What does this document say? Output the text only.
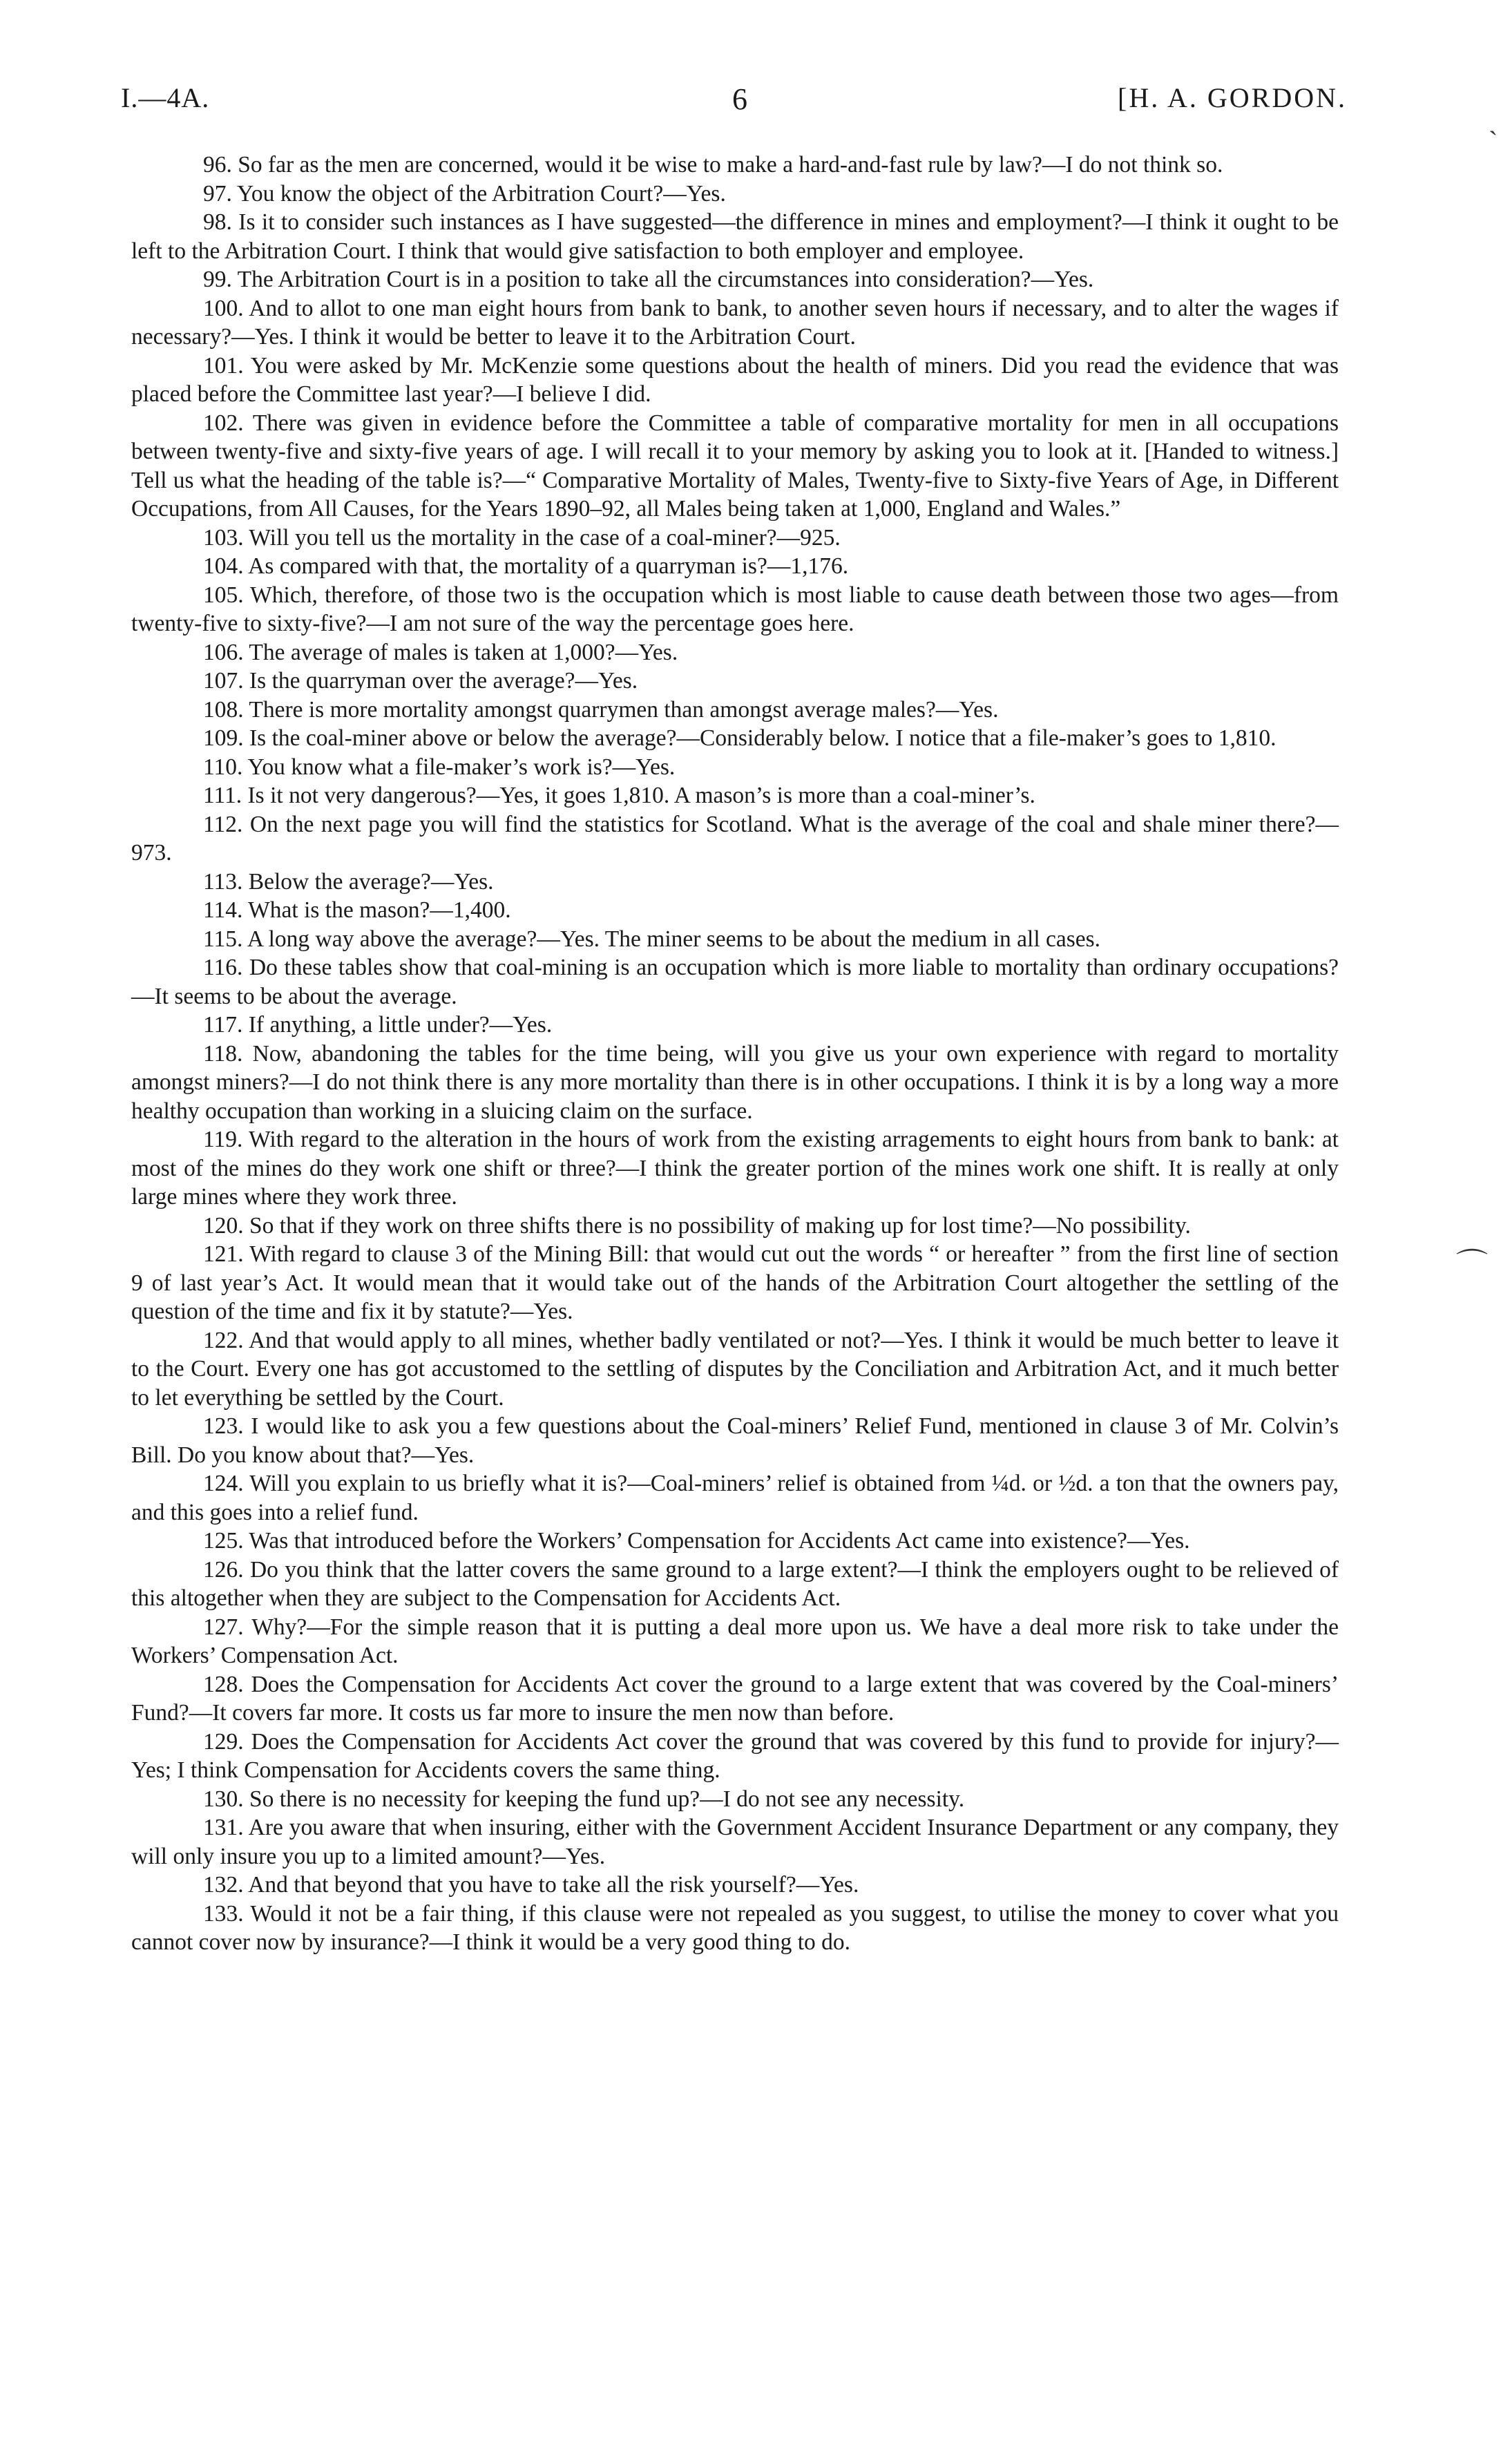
I.—4A.	6	[H. A. GORDON.
ˎ
⌒

96. So far as the men are concerned, would it be wise to make a hard-and-fast rule by law?—I do not think so.

97. You know the object of the Arbitration Court?—Yes.

98. Is it to consider such instances as I have suggested—the difference in mines and employment?—I think it ought to be left to the Arbitration Court. I think that would give satisfaction to both employer and employee.

99. The Arbitration Court is in a position to take all the circumstances into consideration?—Yes.

100. And to allot to one man eight hours from bank to bank, to another seven hours if necessary, and to alter the wages if necessary?—Yes. I think it would be better to leave it to the Arbitration Court.

101. You were asked by Mr. McKenzie some questions about the health of miners. Did you read the evidence that was placed before the Committee last year?—I believe I did.

102. There was given in evidence before the Committee a table of comparative mortality for men in all occupations between twenty-five and sixty-five years of age. I will recall it to your memory by asking you to look at it. [Handed to witness.] Tell us what the heading of the table is?—“ Comparative Mortality of Males, Twenty-five to Sixty-five Years of Age, in Different Occupations, from All Causes, for the Years 1890–92, all Males being taken at 1,000, England and Wales.”

103. Will you tell us the mortality in the case of a coal-miner?—925.

104. As compared with that, the mortality of a quarryman is?—1,176.

105. Which, therefore, of those two is the occupation which is most liable to cause death between those two ages—from twenty-five to sixty-five?—I am not sure of the way the percentage goes here.

106. The average of males is taken at 1,000?—Yes.

107. Is the quarryman over the average?—Yes.

108. There is more mortality amongst quarrymen than amongst average males?—Yes.

109. Is the coal-miner above or below the average?—Considerably below. I notice that a file-maker’s goes to 1,810.

110. You know what a file-maker’s work is?—Yes.

111. Is it not very dangerous?—Yes, it goes 1,810. A mason’s is more than a coal-miner’s.

112. On the next page you will find the statistics for Scotland. What is the average of the coal and shale miner there?—973.

113. Below the average?—Yes.

114. What is the mason?—1,400.

115. A long way above the average?—Yes. The miner seems to be about the medium in all cases.

116. Do these tables show that coal-mining is an occupation which is more liable to mortality than ordinary occupations?—It seems to be about the average.

117. If anything, a little under?—Yes.

118. Now, abandoning the tables for the time being, will you give us your own experience with regard to mortality amongst miners?—I do not think there is any more mortality than there is in other occupations. I think it is by a long way a more healthy occupation than working in a sluicing claim on the surface.

119. With regard to the alteration in the hours of work from the existing arragements to eight hours from bank to bank: at most of the mines do they work one shift or three?—I think the greater portion of the mines work one shift. It is really at only large mines where they work three.

120. So that if they work on three shifts there is no possibility of making up for lost time?—No possibility.

121. With regard to clause 3 of the Mining Bill: that would cut out the words “ or hereafter ” from the first line of section 9 of last year’s Act. It would mean that it would take out of the hands of the Arbitration Court altogether the settling of the question of the time and fix it by statute?—Yes.

122. And that would apply to all mines, whether badly ventilated or not?—Yes. I think it would be much better to leave it to the Court. Every one has got accustomed to the settling of disputes by the Conciliation and Arbitration Act, and it much better to let everything be settled by the Court.

123. I would like to ask you a few questions about the Coal-miners’ Relief Fund, mentioned in clause 3 of Mr. Colvin’s Bill. Do you know about that?—Yes.

124. Will you explain to us briefly what it is?—Coal-miners’ relief is obtained from ¼d. or ½d. a ton that the owners pay, and this goes into a relief fund.

125. Was that introduced before the Workers’ Compensation for Accidents Act came into existence?—Yes.

126. Do you think that the latter covers the same ground to a large extent?—I think the employers ought to be relieved of this altogether when they are subject to the Compensation for Accidents Act.

127. Why?—For the simple reason that it is putting a deal more upon us. We have a deal more risk to take under the Workers’ Compensation Act.

128. Does the Compensation for Accidents Act cover the ground to a large extent that was covered by the Coal-miners’ Fund?—It covers far more. It costs us far more to insure the men now than before.

129. Does the Compensation for Accidents Act cover the ground that was covered by this fund to provide for injury?—Yes; I think Compensation for Accidents covers the same thing.

130. So there is no necessity for keeping the fund up?—I do not see any necessity.

131. Are you aware that when insuring, either with the Government Accident Insurance Department or any company, they will only insure you up to a limited amount?—Yes.

132. And that beyond that you have to take all the risk yourself?—Yes.

133. Would it not be a fair thing, if this clause were not repealed as you suggest, to utilise the money to cover what you cannot cover now by insurance?—I think it would be a very good thing to do.
